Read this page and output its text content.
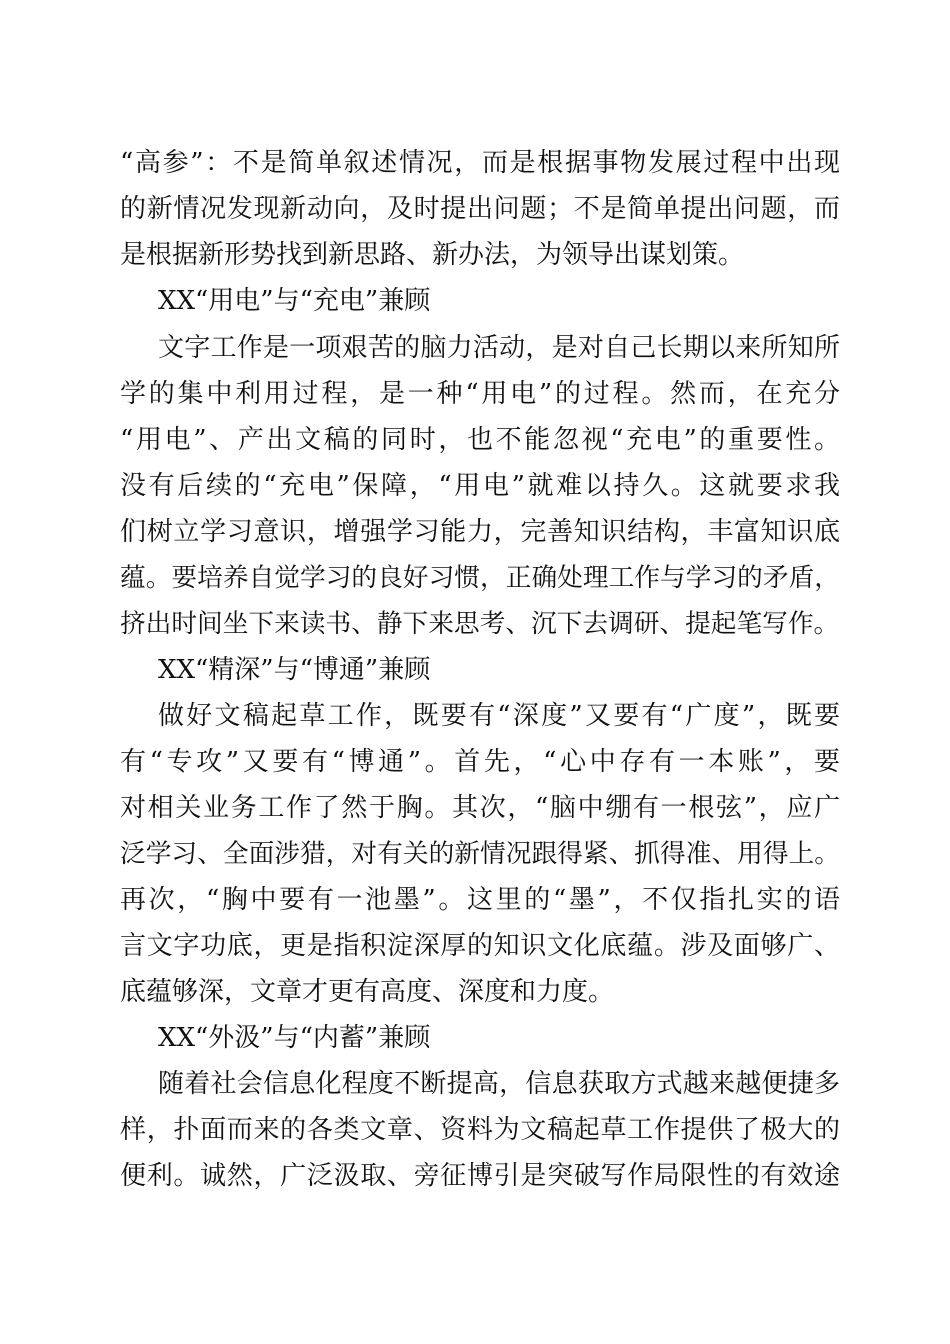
“高参”：不是简单叙述情况，而是根据事物发展过程中出现
的新情况发现新动向，及时提出问题；不是简单提出问题，而
是根据新形势找到新思路、新办法，为领导出谋划策。
XX“用电”与“充电”兼顾
文字工作是一项艰苦的脑力活动，是对自己长期以来所知所
学的集中利用过程，是一种“用电”的过程。然而，在充分
“用电”、产出文稿的同时，也不能忽视“充电”的重要性。
没有后续的“充电”保障，“用电”就难以持久。这就要求我
们树立学习意识，增强学习能力，完善知识结构，丰富知识底
蕴。要培养自觉学习的良好习惯，正确处理工作与学习的矛盾，
挤出时间坐下来读书、静下来思考、沉下去调研、提起笔写作。
XX“精深”与“博通”兼顾
做好文稿起草工作，既要有“深度”又要有“广度”，既要
有“专攻”又要有“博通”。首先，“心中存有一本账”，要
对相关业务工作了然于胸。其次，“脑中绷有一根弦”，应广
泛学习、全面涉猎，对有关的新情况跟得紧、抓得准、用得上。
再次，“胸中要有一池墨”。这里的“墨”，不仅指扎实的语
言文字功底，更是指积淀深厚的知识文化底蕴。涉及面够广、
底蕴够深，文章才更有高度、深度和力度。
XX“外汲”与“内蓄”兼顾
随着社会信息化程度不断提高，信息获取方式越来越便捷多
样，扑面而来的各类文章、资料为文稿起草工作提供了极大的
便利。诚然，广泛汲取、旁征博引是突破写作局限性的有效途
